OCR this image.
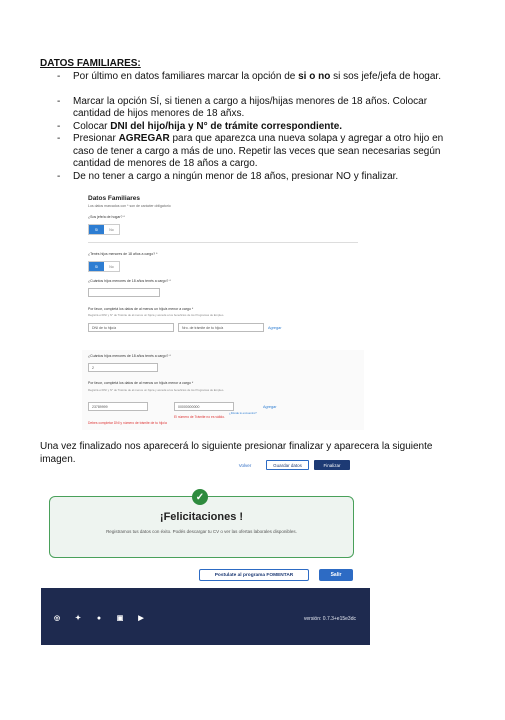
DATOS FAMILIARES:
- Por último en datos familiares marcar la opción de si o no si sos jefe/jefa de hogar.
- Marcar la opción SÍ, si tienen a cargo a hijos/hijas menores de 18 años. Colocar cantidad de hijos menores de 18 añxs.
- Colocar DNI del hijo/hija y N° de trámite correspondiente.
- Presionar AGREGAR para que aparezca una nueva solapa y agregar a otro hijo en caso de tener a cargo a más de uno. Repetir las veces que sean necesarias según cantidad de menores de 18 años a cargo.
- De no tener a cargo a ningún menor de 18 años, presionar NO y finalizar.
Datos Familiares
Los datos marcados con * son de carácter obligatorio
¿Sos jefe/a de hogar? *
Sí	No
¿Tenés hijos menores de 18 años a cargo? *
Sí	No
¿Cuántos hijos menores de 18 años tenés a cargo? *
Por favor, completá los datos de al menos un hijo/a menor a cargo *
Registrá el DNI y N° de Trámite de al menos un hijo/a y accedé a los beneficios de los Programas de Empleo.
DNI de tu hijo/a	Nro. de trámite de tu hijo/a	Agregar
¿Cuántos hijos menores de 18 años tenés a cargo? *
2
Por favor, completá los datos de al menos un hijo/a menor a cargo *
Registrá el DNI y N° de Trámite de al menos un hijo/a y accedé a los beneficios de los Programas de Empleo.
23789999	00000000000
¿Dónde lo encuentro?
Agregar
El número de Trámite no es válido.
Debes completar DNI y número de trámite de tu hijo/a
Una vez finalizado nos aparecerá lo siguiente presionar finalizar y aparecera la siguiente imagen.	Volver	Guardar datos	Finalizar
¡Felicitaciones !
Registramos tus datos con éxito. Podés descargar tu CV o ver las ofertas laborales disponibles.
Postulate al programa FOMENTAR	Salir
✓
◎ ✦ ● ▣ ▶	versión: 0.7.3+e15e3dc
